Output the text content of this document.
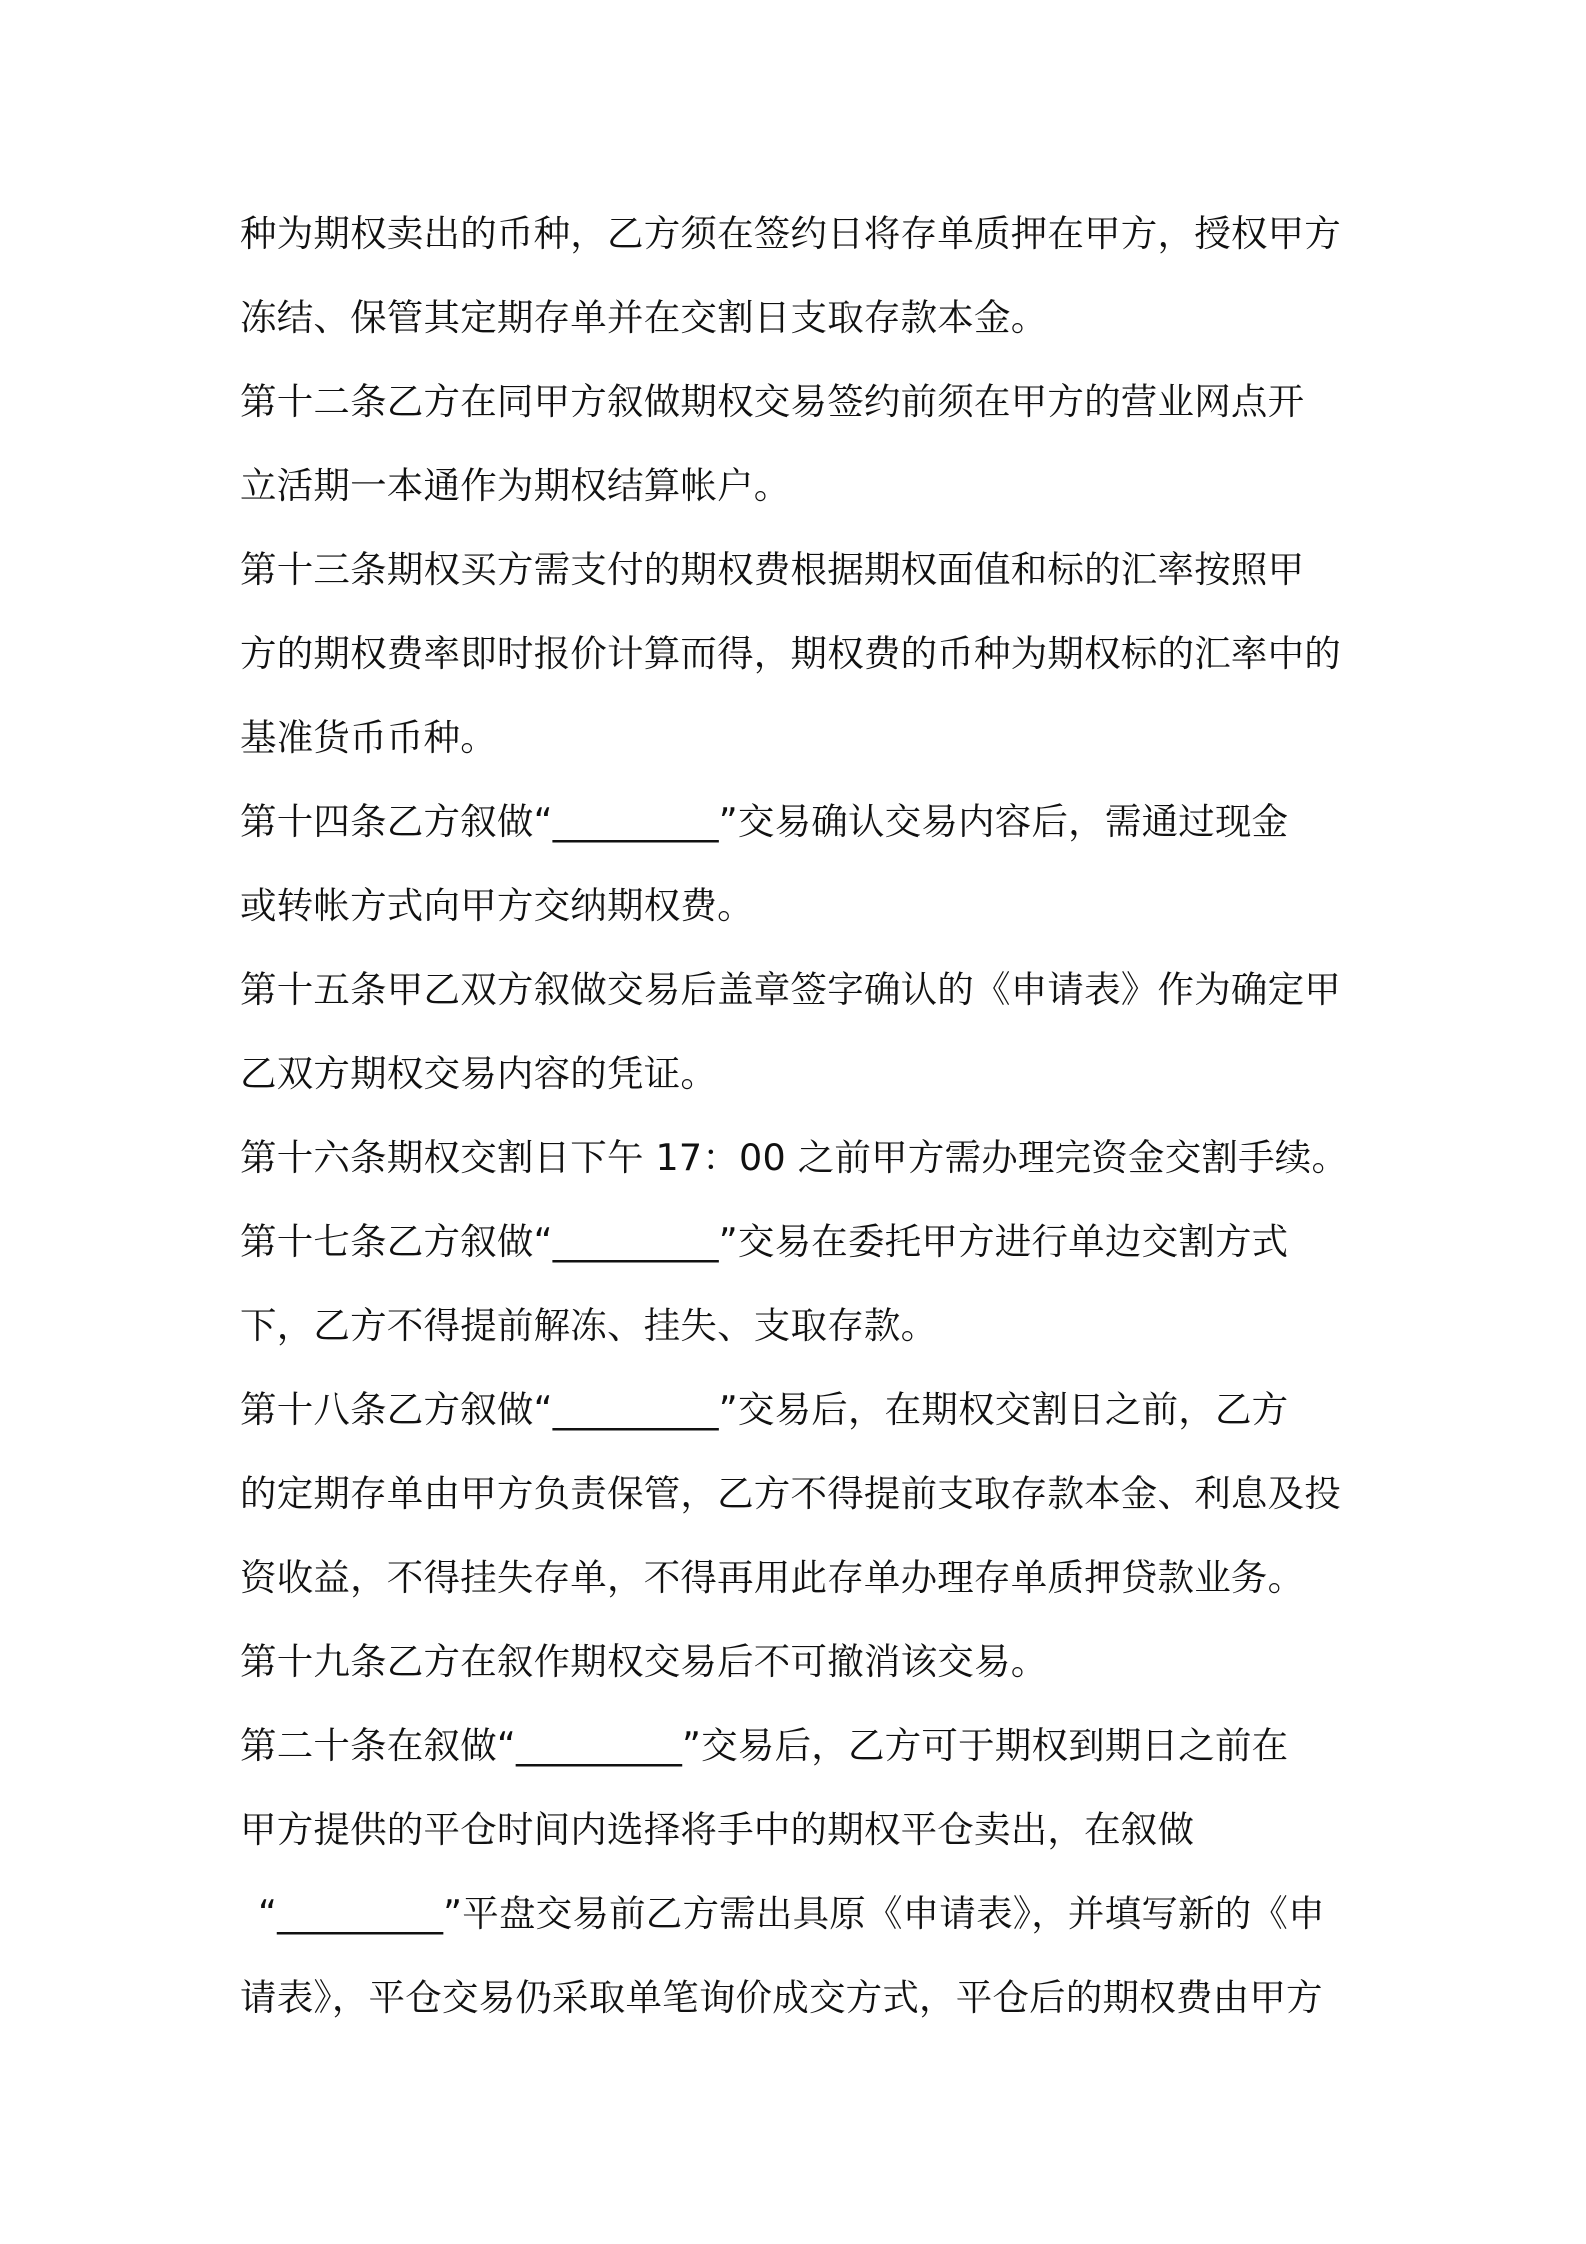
种为期权卖出的币种，乙方须在签约日将存单质押在甲方，授权甲方
冻结、保管其定期存单并在交割日支取存款本金。
第十二条乙方在同甲方叙做期权交易签约前须在甲方的营业网点开
立活期一本通作为期权结算帐户。
第十三条期权买方需支付的期权费根据期权面值和标的汇率按照甲
方的期权费率即时报价计算而得，期权费的币种为期权标的汇率中的
基准货币币种。
第十四条乙方叙做“_________”交易确认交易内容后，需通过现金
或转帐方式向甲方交纳期权费。
第十五条甲乙双方叙做交易后盖章签字确认的《申请表》作为确定甲
乙双方期权交易内容的凭证。
第十六条期权交割日下午 17：00 之前甲方需办理完资金交割手续。
第十七条乙方叙做“_________”交易在委托甲方进行单边交割方式
下，乙方不得提前解冻、挂失、支取存款。
第十八条乙方叙做“_________”交易后，在期权交割日之前，乙方
的定期存单由甲方负责保管，乙方不得提前支取存款本金、利息及投
资收益，不得挂失存单，不得再用此存单办理存单质押贷款业务。
第十九条乙方在叙作期权交易后不可撤消该交易。
第二十条在叙做“_________”交易后，乙方可于期权到期日之前在
甲方提供的平仓时间内选择将手中的期权平仓卖出，在叙做
“_________”平盘交易前乙方需出具原《申请表》，并填写新的《申
请表》，平仓交易仍采取单笔询价成交方式，平仓后的期权费由甲方
